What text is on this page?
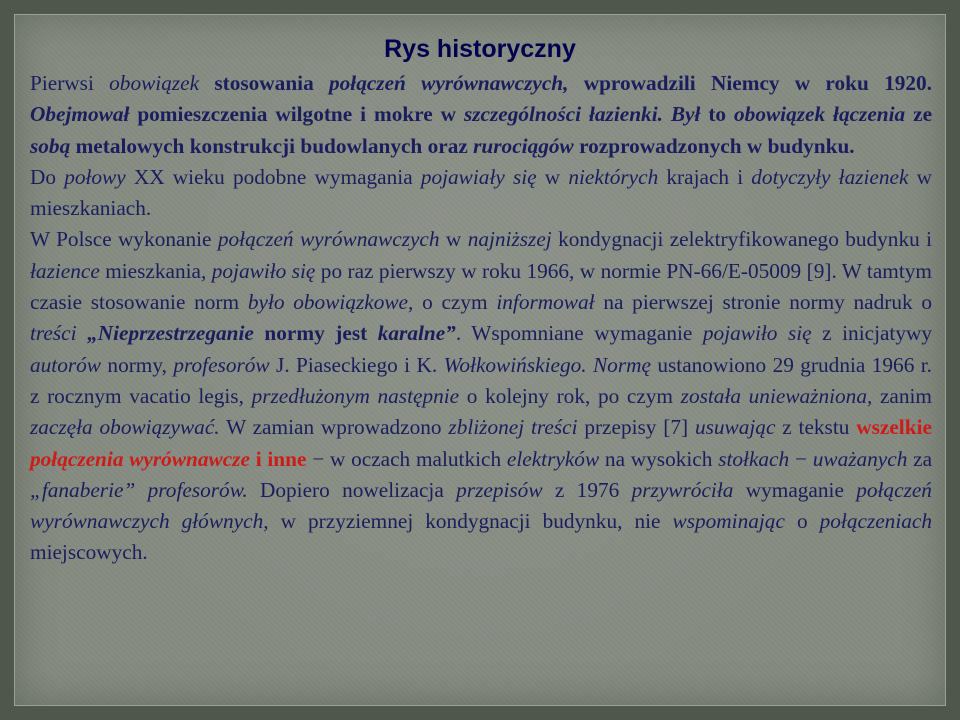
Rys historyczny

Pierwsi obowiązek stosowania połączeń wyrównawczych, wprowadzili Niemcy w roku 1920. Obejmował pomieszczenia wilgotne i mokre w szczególności łazienki. Był to obowiązek łączenia ze sobą metalowych konstrukcji budowlanych oraz rurociągów rozprowadzonych w budynku.

Do połowy XX wieku podobne wymagania pojawiały się w niektórych krajach i dotyczyły łazienek w mieszkaniach.

W Polsce wykonanie połączeń wyrównawczych w najniższej kondygnacji zelektryfikowanego budynku i łazience mieszkania, pojawiło się po raz pierwszy w roku 1966, w normie PN-66/E-05009 [9]. W tamtym czasie stosowanie norm było obowiązkowe, o czym informował na pierwszej stronie normy nadruk o treści „Nieprzestrzeganie normy jest karalne”. Wspomniane wymaganie pojawiło się z inicjatywy autorów normy, profesorów J. Piaseckiego i K. Wołkowińskiego. Normę ustanowiono 29 grudnia 1966 r. z rocznym vacatio legis, przedłużonym następnie o kolejny rok, po czym została unieważniona, zanim zaczęła obowiązywać. W zamian wprowadzono zbliżonej treści przepisy [7] usuwając z tekstu wszelkie połączenia wyrównawcze i inne − w oczach malutkich elektryków na wysokich stołkach − uważanych za „fanaberie” profesorów. Dopiero nowelizacja przepisów z 1976 przywróciła wymaganie połączeń wyrównawczych głównych, w przyziemnej kondygnacji budynku, nie wspominając o połączeniach miejscowych.
